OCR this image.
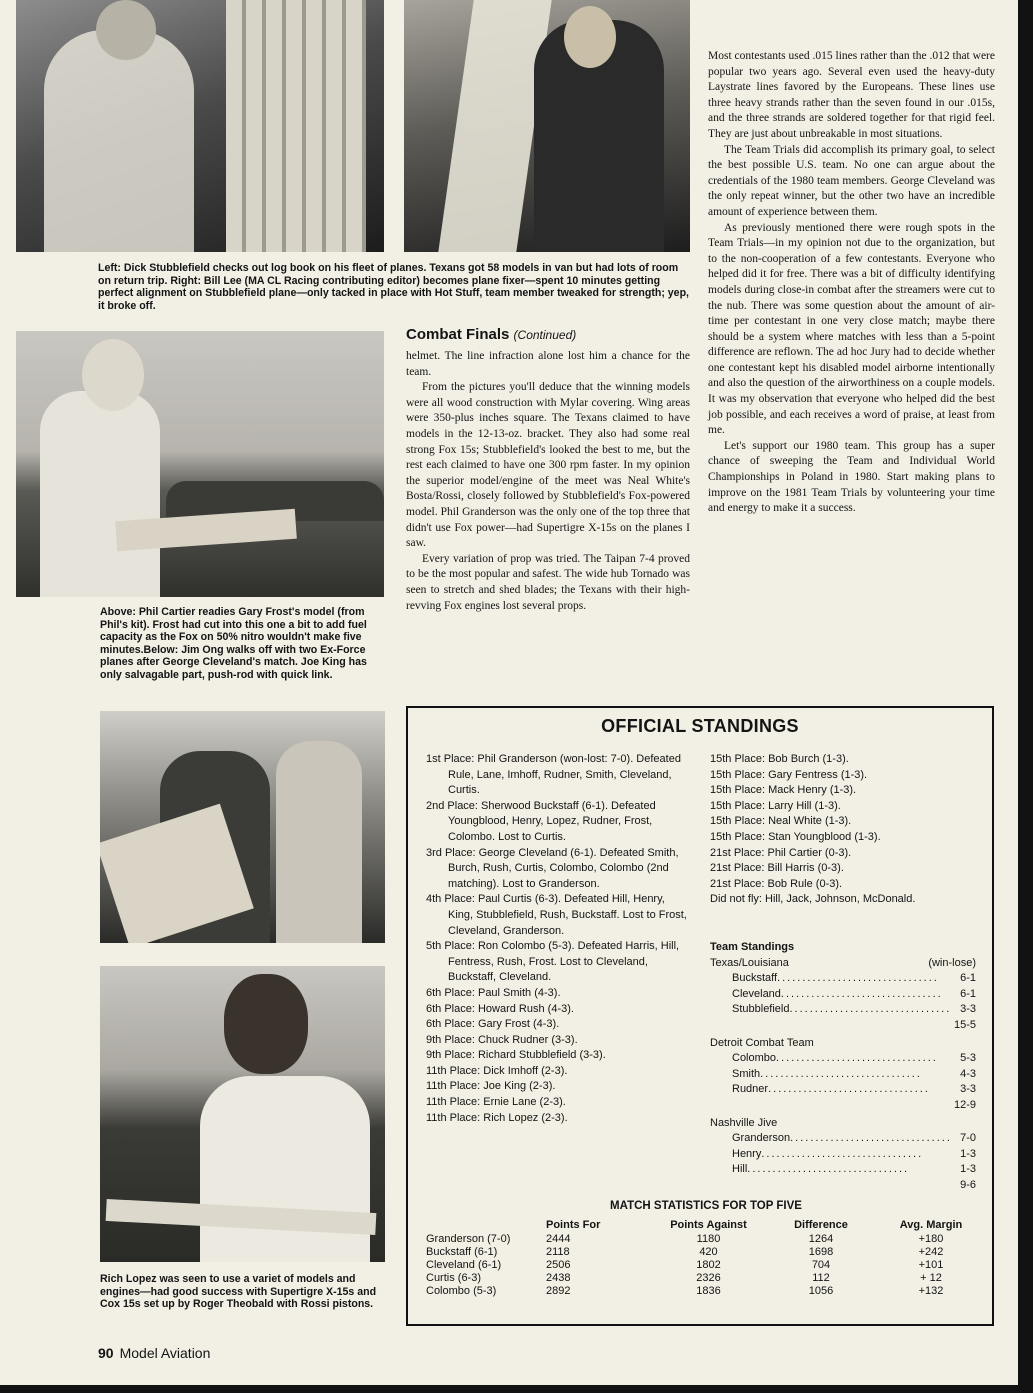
Left: Dick Stubblefield checks out log book on his fleet of planes. Texans got 58 models in van but had lots of room on return trip. Right: Bill Lee (MA CL Racing contributing editor) becomes plane fixer—spent 10 minutes getting perfect alignment on Stubblefield plane—only tacked in place with Hot Stuff, team member tweaked for strength; yep, it broke off.

Above: Phil Cartier readies Gary Frost's model (from Phil's kit). Frost had cut into this one a bit to add fuel capacity as the Fox on 50% nitro wouldn't make five minutes.Below: Jim Ong walks off with two Ex-Force planes after George Cleveland's match. Joe King has only salvagable part, push-rod with quick link.

Rich Lopez was seen to use a variet of models and engines—had good success with Supertigre X-15s and Cox 15s set up by Roger Theobald with Rossi pistons.

Combat Finals (Continued)

helmet. The line infraction alone lost him a chance for the team.

From the pictures you'll deduce that the winning models were all wood construction with Mylar covering. Wing areas were 350-plus inches square. The Texans claimed to have models in the 12-13-oz. bracket. They also had some real strong Fox 15s; Stubblefield's looked the best to me, but the rest each claimed to have one 300 rpm faster. In my opinion the superior model/engine of the meet was Neal White's Bosta/Rossi, closely followed by Stubblefield's Fox-powered model. Phil Granderson was the only one of the top three that didn't use Fox power—had Supertigre X-15s on the planes I saw.

Every variation of prop was tried. The Taipan 7-4 proved to be the most popular and safest. The wide hub Tornado was seen to stretch and shed blades; the Texans with their high-revving Fox engines lost several props.

Most contestants used .015 lines rather than the .012 that were popular two years ago. Several even used the heavy-duty Laystrate lines favored by the Europeans. These lines use three heavy strands rather than the seven found in our .015s, and the three strands are soldered together for that rigid feel. They are just about unbreakable in most situations.

The Team Trials did accomplish its primary goal, to select the best possible U.S. team. No one can argue about the credentials of the 1980 team members. George Cleveland was the only repeat winner, but the other two have an incredible amount of experience between them.

As previously mentioned there were rough spots in the Team Trials—in my opinion not due to the organization, but to the non-cooperation of a few contestants. Everyone who helped did it for free. There was a bit of difficulty identifying models during close-in combat after the streamers were cut to the nub. There was some question about the amount of air-time per contestant in one very close match; maybe there should be a system where matches with less than a 5-point difference are reflown. The ad hoc Jury had to decide whether one contestant kept his disabled model airborne intentionally and also the question of the airworthiness on a couple models. It was my observation that everyone who helped did the best job possible, and each receives a word of praise, at least from me.

Let's support our 1980 team. This group has a super chance of sweeping the Team and Individual World Championships in Poland in 1980. Start making plans to improve on the 1981 Team Trials by volunteering your time and energy to make it a success.

OFFICIAL STANDINGS
1st Place: Phil Granderson (won-lost: 7-0). Defeated Rule, Lane, Imhoff, Rudner, Smith, Cleveland, Curtis.
2nd Place: Sherwood Buckstaff (6-1). Defeated Youngblood, Henry, Lopez, Rudner, Frost, Colombo. Lost to Curtis.
3rd Place: George Cleveland (6-1). Defeated Smith, Burch, Rush, Curtis, Colombo, Colombo (2nd matching). Lost to Granderson.
4th Place: Paul Curtis (6-3). Defeated Hill, Henry, King, Stubblefield, Rush, Buckstaff. Lost to Frost, Cleveland, Granderson.
5th Place: Ron Colombo (5-3). Defeated Harris, Hill, Fentress, Rush, Frost. Lost to Cleveland, Buckstaff, Cleveland.
6th Place: Paul Smith (4-3).
6th Place: Howard Rush (4-3).
6th Place: Gary Frost (4-3).
9th Place: Chuck Rudner (3-3).
9th Place: Richard Stubblefield (3-3).
11th Place: Dick Imhoff (2-3).
11th Place: Joe King (2-3).
11th Place: Ernie Lane (2-3).
11th Place: Rich Lopez (2-3).
15th Place: Bob Burch (1-3).
15th Place: Gary Fentress (1-3).
15th Place: Mack Henry (1-3).
15th Place: Larry Hill (1-3).
15th Place: Neal White (1-3).
15th Place: Stan Youngblood (1-3).
21st Place: Phil Cartier (0-3).
21st Place: Bill Harris (0-3).
21st Place: Bob Rule (0-3).
Did not fly: Hill, Jack, Johnson, McDonald.
Team Standings
Texas/Louisiana	(win-lose)
Buckstaff ................................	6-1
Cleveland ................................	6-1
Stubblefield ................................ 3-3
15-5
Detroit Combat Team
Colombo ................................	5-3
Smith ................................	4-3
Rudner ................................	3-3
12-9
Nashville Jive
Granderson ................................ 7-0
Henry ................................	1-3
Hill ................................	1-3
9-6
MATCH STATISTICS FOR TOP FIVE
	Points For	Points Against	Difference	Avg. Margin
Granderson (7-0)	2444	1180	1264	+180
Buckstaff (6-1)	2118	420	1698	+242
Cleveland (6-1)	2506	1802	704	+101
Curtis (6-3)	2438	2326	112	+ 12
Colombo (5-3)	2892	1836	1056	+132
90 Model Aviation
